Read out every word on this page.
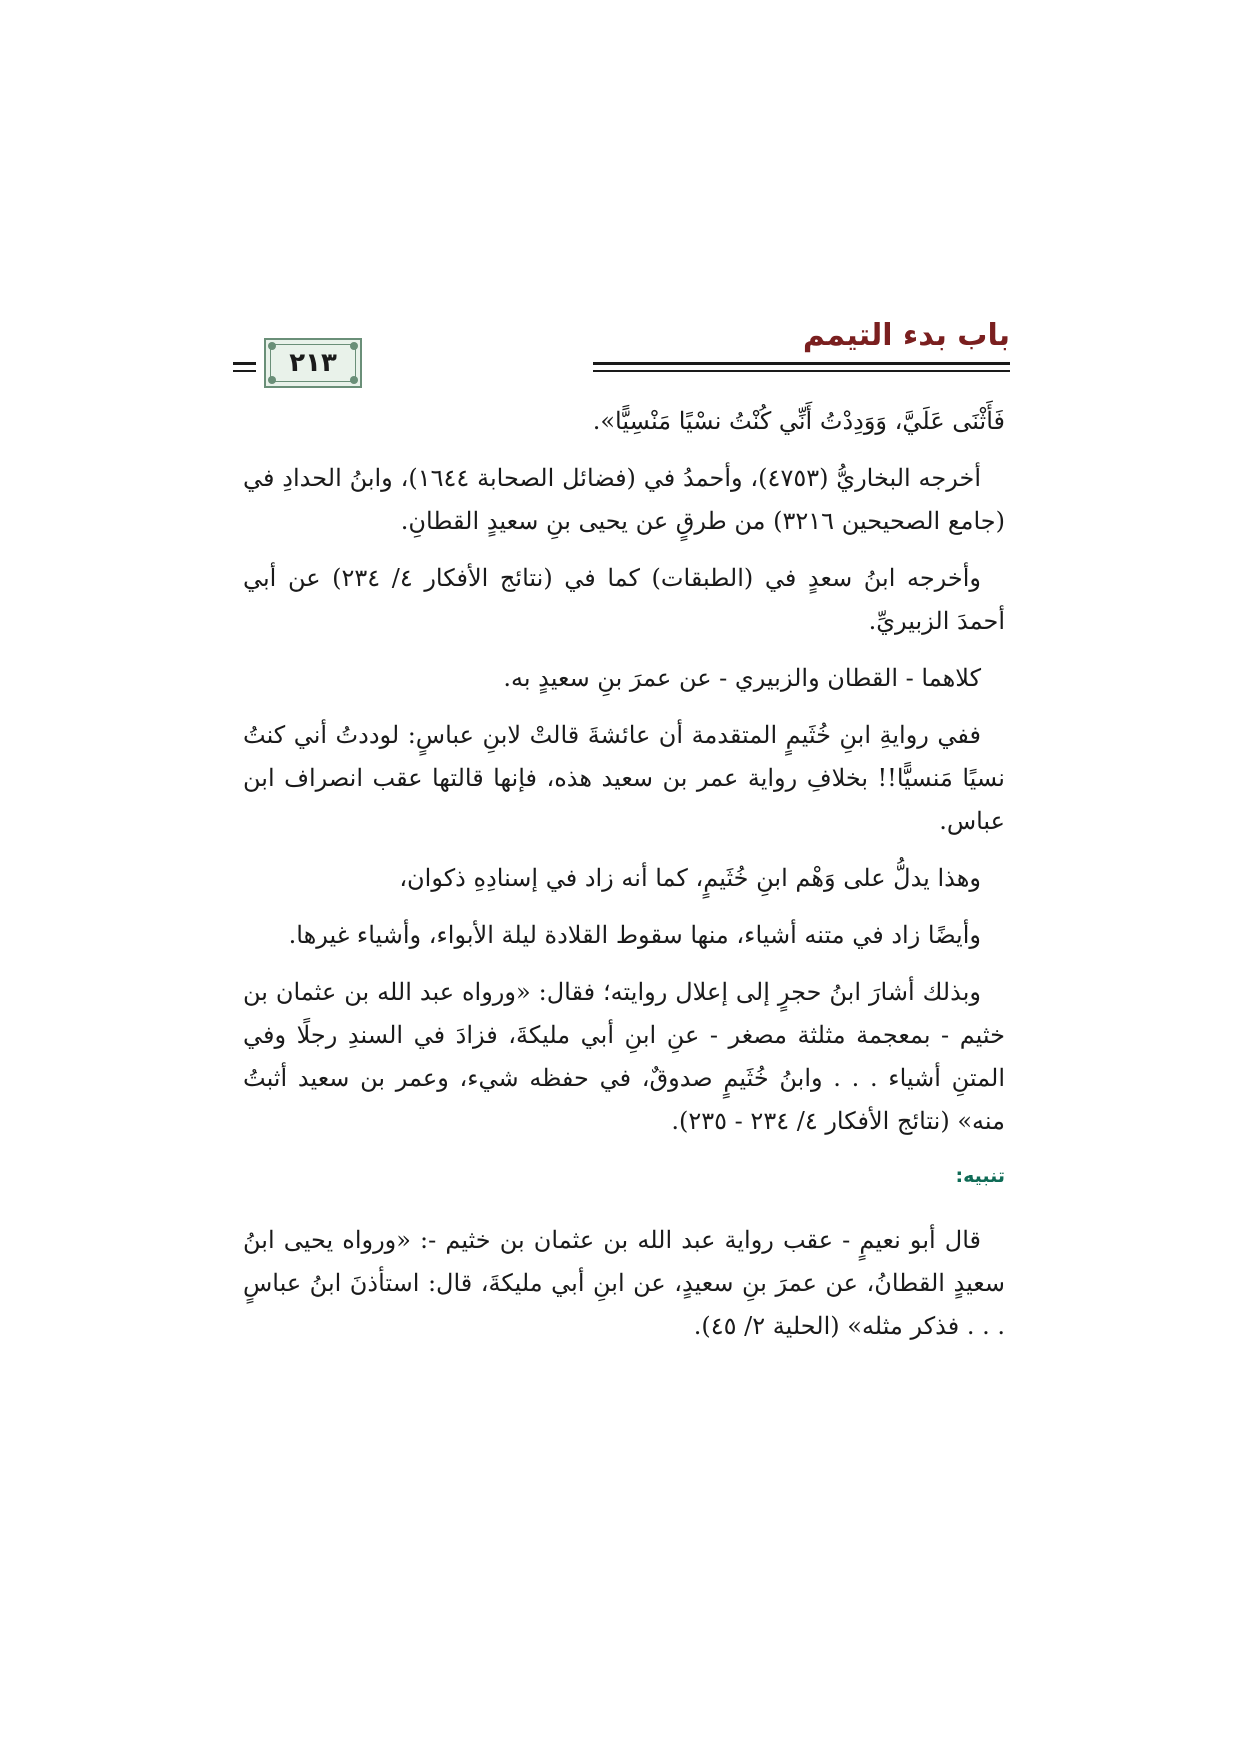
باب بدء التيمم
٢١٣

فَأَثْنَى عَلَيَّ، وَوَدِدْتُ أَنِّي كُنْتُ نسْيًا مَنْسِيًّا».

أخرجه البخاريُّ (٤٧٥٣)، وأحمدُ في (فضائل الصحابة ١٦٤٤)، وابنُ الحدادِ في (جامع الصحيحين ٣٢١٦) من طرقٍ عن يحيى بنِ سعيدٍ القطانِ.

وأخرجه ابنُ سعدٍ في (الطبقات) كما في (نتائج الأفكار ٤/ ٢٣٤) عن أبي أحمدَ الزبيريِّ.

كلاهما - القطان والزبيري - عن عمرَ بنِ سعيدٍ به.

ففي روايةِ ابنِ خُثَيمٍ المتقدمة أن عائشةَ قالتْ لابنِ عباسٍ: لوددتُ أني كنتُ نسيًا مَنسيًّا!! بخلافِ رواية عمر بن سعيد هذه، فإنها قالتها عقب انصراف ابن عباس.

وهذا يدلُّ على وَهْم ابنِ خُثَيمٍ، كما أنه زاد في إسنادِهِ ذكوان،

وأيضًا زاد في متنه أشياء، منها سقوط القلادة ليلة الأبواء، وأشياء غيرها.

وبذلك أشارَ ابنُ حجرٍ إلى إعلال روايته؛ فقال: «ورواه عبد الله بن عثمان بن خثيم - بمعجمة مثلثة مصغر - عنِ ابنِ أبي مليكةَ، فزادَ في السندِ رجلًا وفي المتنِ أشياء . . . وابنُ خُثَيمٍ صدوقٌ، في حفظه شيء، وعمر بن سعيد أثبتُ منه» (نتائج الأفكار ٤/ ٢٣٤ - ٢٣٥).

تنبيه:

قال أبو نعيمٍ - عقب رواية عبد الله بن عثمان بن خثيم -: «ورواه يحيى ابنُ سعيدٍ القطانُ، عن عمرَ بنِ سعيدٍ، عن ابنِ أبي مليكةَ، قال: استأذنَ ابنُ عباسٍ . . . فذكر مثله» (الحلية ٢/ ٤٥).
